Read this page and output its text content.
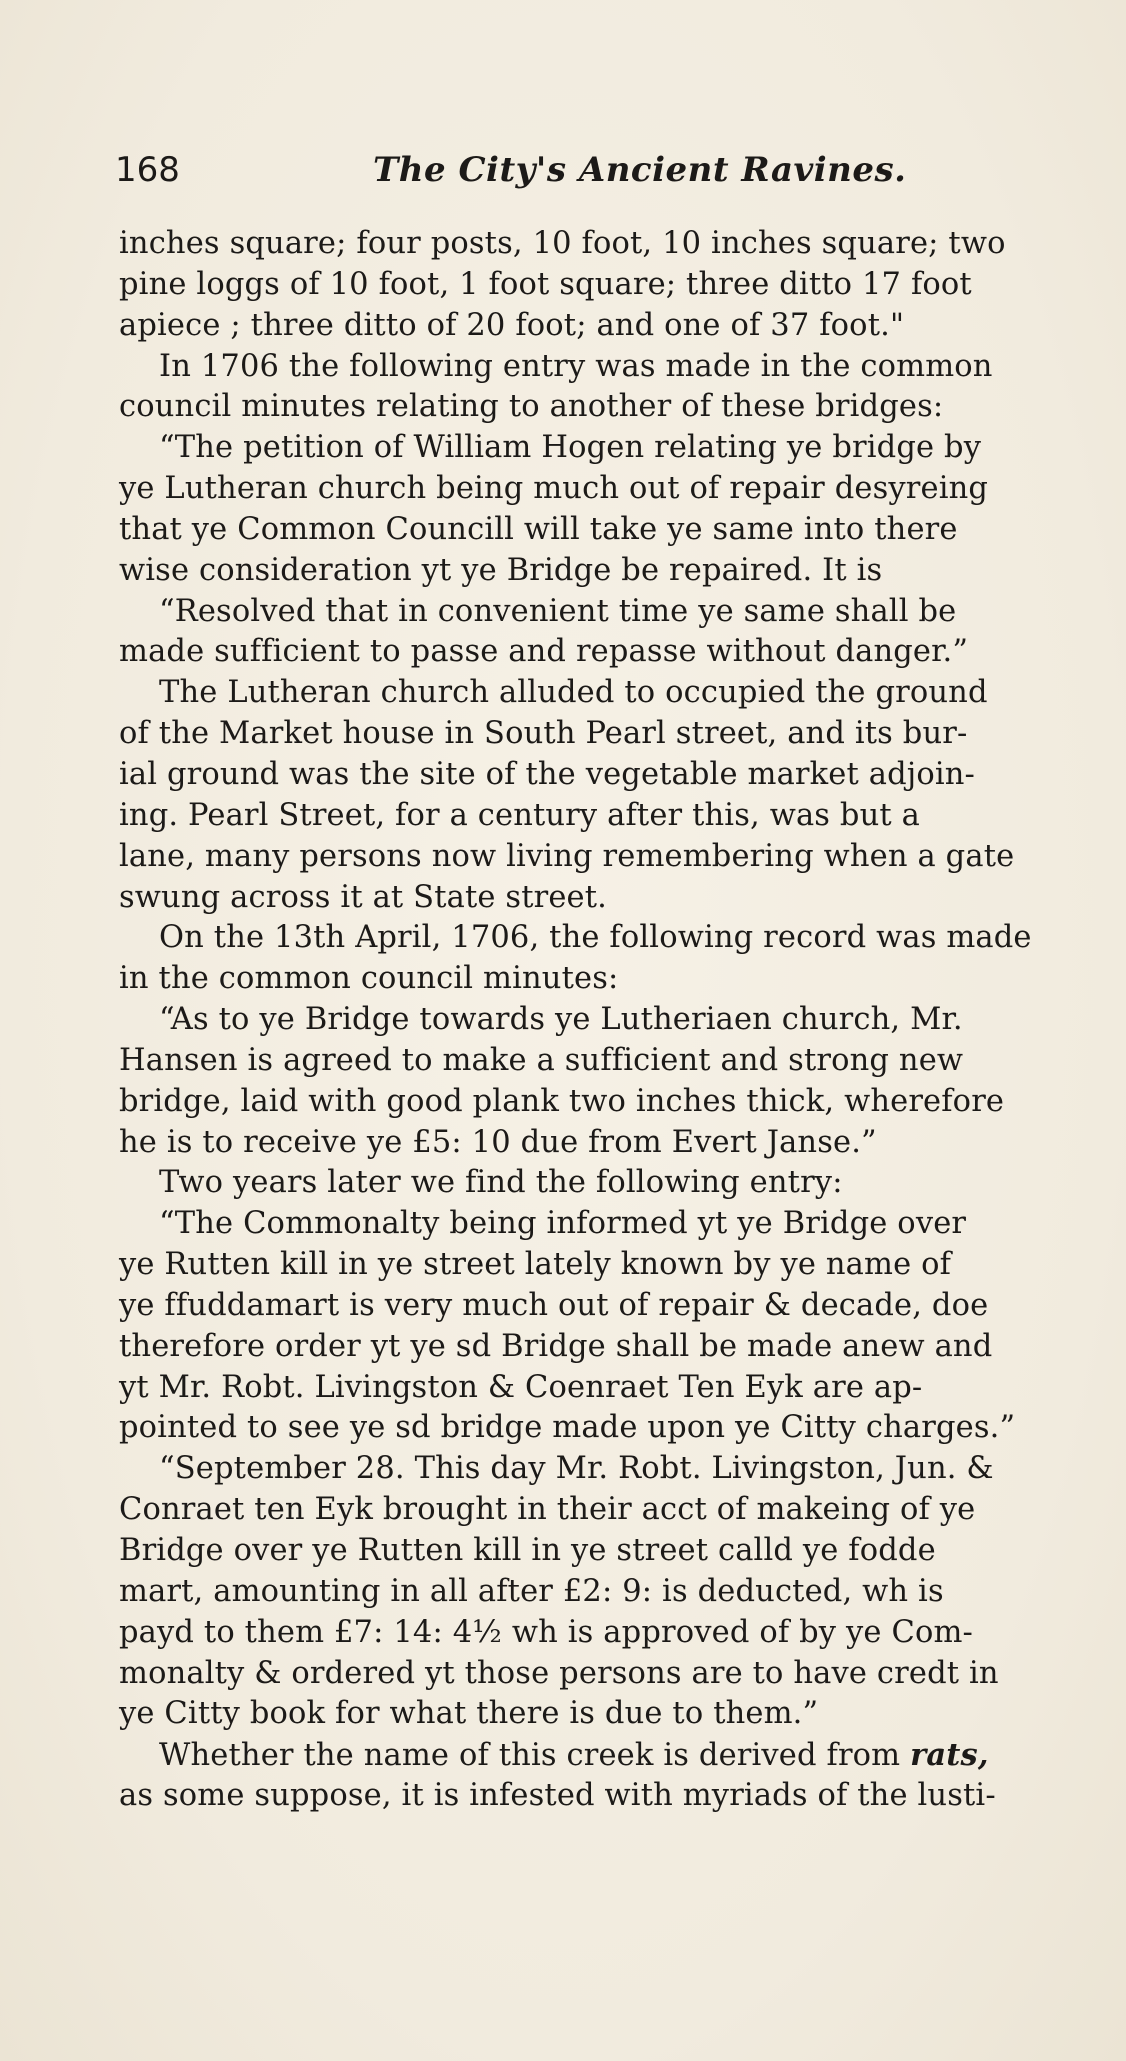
168	The City's Ancient Ravines.
inches square; four posts, 10 foot, 10 inches square; two
pine loggs of 10 foot, 1 foot square; three ditto 17 foot
apiece ; three ditto of 20 foot; and one of 37 foot."
In 1706 the following entry was made in the common
council minutes relating to another of these bridges:
“The petition of William Hogen relating ye bridge by
ye Lutheran church being much out of repair desyreing
that ye Common Councill will take ye same into there
wise consideration yt ye Bridge be repaired. It is
“Resolved that in convenient time ye same shall be
made sufficient to passe and repasse without danger.”
The Lutheran church alluded to occupied the ground
of the Market house in South Pearl street, and its bur-
ial ground was the site of the vegetable market adjoin-
ing. Pearl Street, for a century after this, was but a
lane, many persons now living remembering when a gate
swung across it at State street.
On the 13th April, 1706, the following record was made
in the common council minutes:
“As to ye Bridge towards ye Lutheriaen church, Mr.
Hansen is agreed to make a sufficient and strong new
bridge, laid with good plank two inches thick, wherefore
he is to receive ye £5: 10 due from Evert Janse.”
Two years later we find the following entry:
“The Commonalty being informed yt ye Bridge over
ye Rutten kill in ye street lately known by ye name of
ye ffuddamart is very much out of repair & decade, doe
therefore order yt ye sd Bridge shall be made anew and
yt Mr. Robt. Livingston & Coenraet Ten Eyk are ap-
pointed to see ye sd bridge made upon ye Citty charges.”
“September 28. This day Mr. Robt. Livingston, Jun. &
Conraet ten Eyk brought in their acct of makeing of ye
Bridge over ye Rutten kill in ye street calld ye fodde
mart, amounting in all after £2: 9: is deducted, wh is
payd to them £7: 14: 4½ wh is approved of by ye Com-
monalty & ordered yt those persons are to have credt in
ye Citty book for what there is due to them.”
Whether the name of this creek is derived from rats,
as some suppose, it is infested with myriads of the lusti-
